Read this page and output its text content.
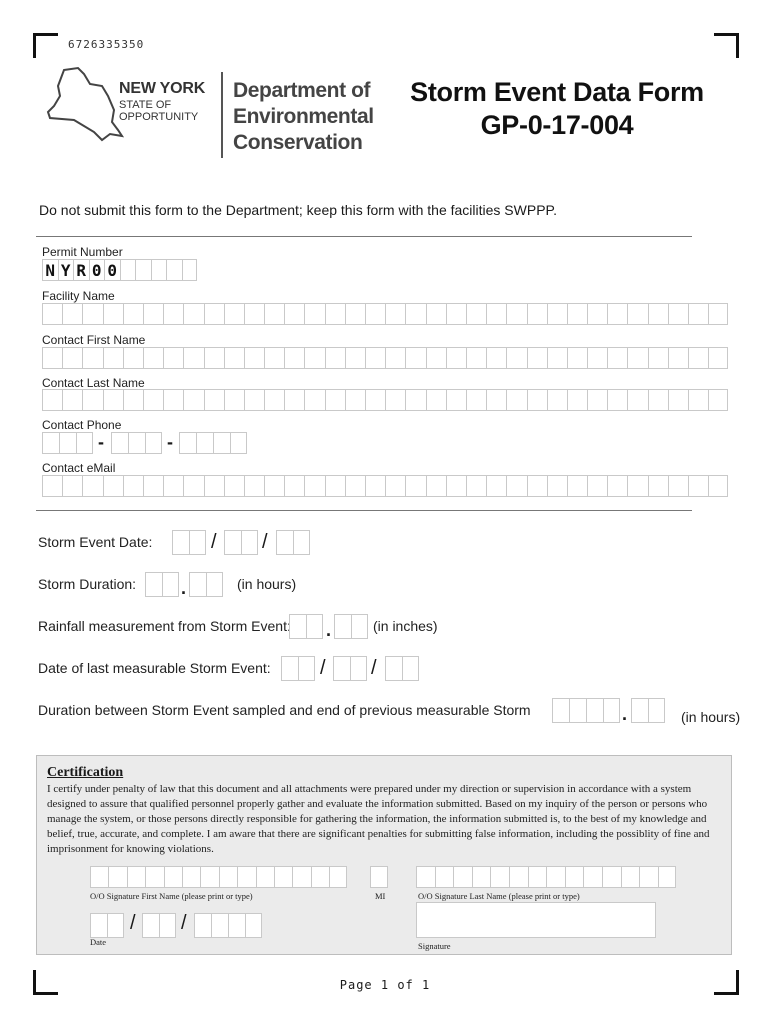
6726335350
NEW YORK
STATE OF OPPORTUNITY
Department of
Environmental
Conservation
Storm Event Data Form
GP-0-17-004
Do not submit this form to the Department; keep this form with the facilities SWPPP.
Permit Number
N Y R 0 0
Facility Name
Contact First Name
Contact Last Name
Contact Phone
-	-
Contact eMail
Storm Event Date:	/ /
Storm Duration: .	(in hours)
Rainfall measurement from Storm Event: .	(in inches)
Date of last measurable Storm Event: / /
Duration between Storm Event sampled and end of previous measurable Storm	.	(in hours)
Certification
I certify under penalty of law that this document and all attachments were prepared under my direction or supervision in accordance with a system designed to assure that qualified personnel properly gather and evaluate the information submitted. Based on my inquiry of the person or persons who manage the system, or those persons directly responsible for gathering the information, the information submitted is, to the best of my knowledge and belief, true, accurate, and complete. I am aware that there are significant penalties for submitting false information, including the possiblity of fine and imprisonment for knowing violations.
O/O Signature First Name (please print or type)	MI	O/O Signature Last Name (please print or type)
/ /
Date	Signature
Page 1 of 1
